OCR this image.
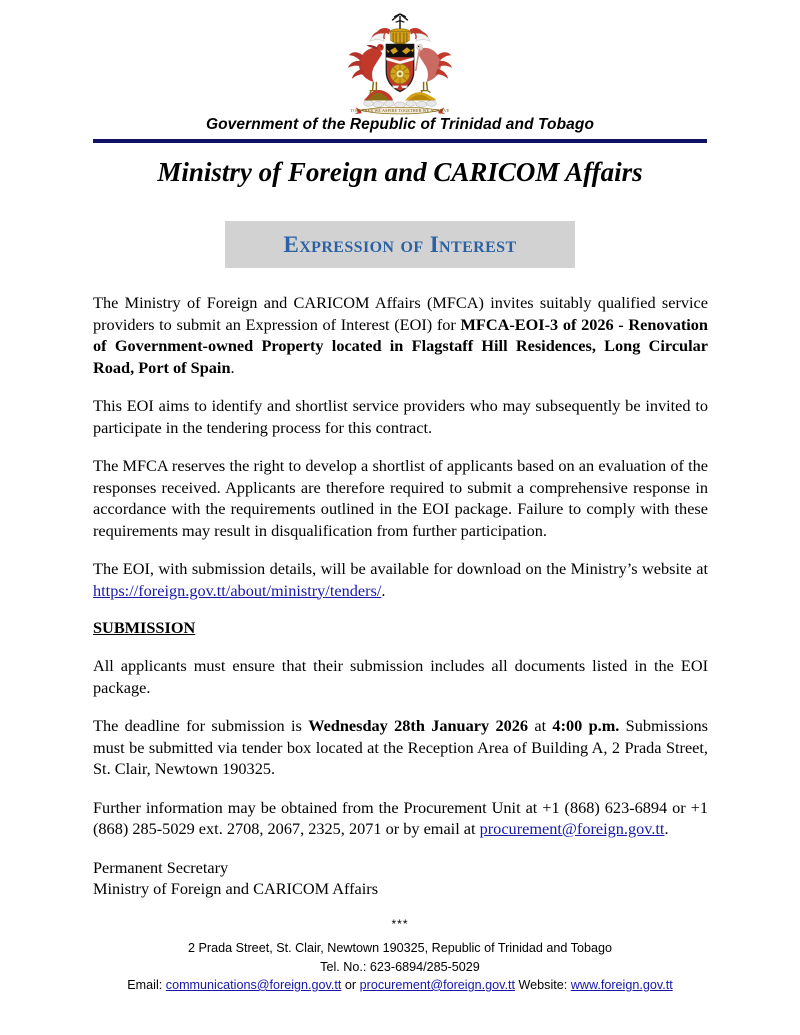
TOGETHER WE ASPIRE TOGETHER WE ACHIEVE
Government of the Republic of Trinidad and Tobago
Ministry of Foreign and CARICOM Affairs
Expression of Interest

The Ministry of Foreign and CARICOM Affairs (MFCA) invites suitably qualified service providers to submit an Expression of Interest (EOI) for MFCA-EOI-3 of 2026 - Renovation of Government-owned Property located in Flagstaff Hill Residences, Long Circular Road, Port of Spain.

This EOI aims to identify and shortlist service providers who may subsequently be invited to participate in the tendering process for this contract.

The MFCA reserves the right to develop a shortlist of applicants based on an evaluation of the responses received. Applicants are therefore required to submit a comprehensive response in accordance with the requirements outlined in the EOI package. Failure to comply with these requirements may result in disqualification from further participation.

The EOI, with submission details, will be available for download on the Ministry’s website at https://foreign.gov.tt/about/ministry/tenders/.

SUBMISSION

All applicants must ensure that their submission includes all documents listed in the EOI package.

The deadline for submission is Wednesday 28th January 2026 at 4:00 p.m. Submissions must be submitted via tender box located at the Reception Area of Building A, 2 Prada Street, St. Clair, Newtown 190325.

Further information may be obtained from the Procurement Unit at +1 (868) 623-6894 or +1 (868) 285-5029 ext. 2708, 2067, 2325, 2071 or by email at procurement@foreign.gov.tt.

Permanent Secretary
Ministry of Foreign and CARICOM Affairs
***
2 Prada Street, St. Clair, Newtown 190325, Republic of Trinidad and Tobago
Tel. No.: 623-6894/285-5029
Email: communications@foreign.gov.tt or procurement@foreign.gov.tt Website: www.foreign.gov.tt
